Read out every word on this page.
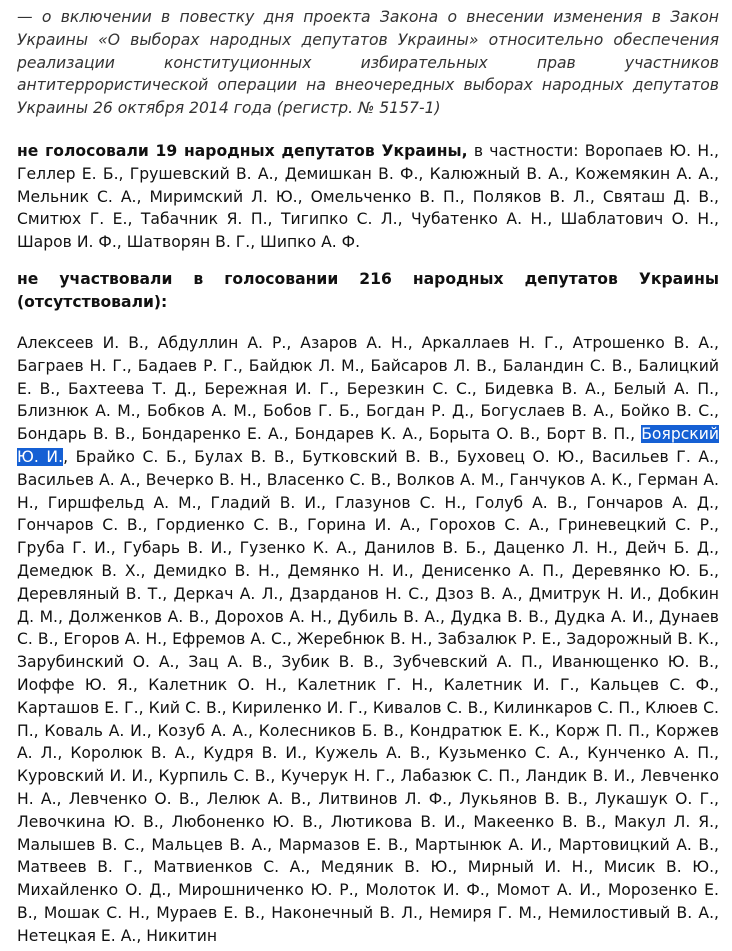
— о включении в повестку дня проекта Закона о внесении изменения в Закон Украины «О выборах народных депутатов Украины» относительно обеспечения реализации конституционных избирательных прав участников антитеррористической операции на внеочередных выборах народных депутатов Украины 26 октября 2014 года (регистр. № 5157-1)

не голосовали 19 народных депутатов Украины, в частности: Воропаев Ю. Н., Геллер Е. Б., Грушевский В. А., Демишкан В. Ф., Калюжный В. А., Кожемякин А. А., Мельник С. А., Миримский Л. Ю., Омельченко В. П., Поляков В. Л., Святаш Д. В., Смитюх Г. Е., Табачник Я. П., Тигипко С. Л., Чубатенко А. Н., Шаблатович О. Н., Шаров И. Ф., Шатворян В. Г., Шипко А. Ф.

не участвовали в голосовании 216 народных депутатов Украины (отсутствовали):

Алексеев И. В., Абдуллин А. Р., Азаров А. Н., Аркаллаев Н. Г., Атрошенко В. А., Баграев Н. Г., Бадаев Р. Г., Байдюк Л. М., Байсаров Л. В., Баландин С. В., Балицкий Е. В., Бахтеева Т. Д., Бережная И. Г., Березкин С. С., Бидевка В. А., Белый А. П., Близнюк А. М., Бобков А. М., Бобов Г. Б., Богдан Р. Д., Богуслаев В. А., Бойко В. С., Бондарь В. В., Бондаренко Е. А., Бондарев К. А., Борыта О. В., Борт В. П., Боярский Ю. И., Брайко С. Б., Булах В. В., Бутковский В. В., Буховец О. Ю., Васильев Г. А., Васильев А. А., Вечерко В. Н., Власенко С. В., Волков А. М., Ганчуков А. К., Герман А. Н., Гиршфельд А. М., Гладий В. И., Глазунов С. Н., Голуб А. В., Гончаров А. Д., Гончаров С. В., Гордиенко С. В., Горина И. А., Горохов С. А., Гриневецкий С. Р., Груба Г. И., Губарь В. И., Гузенко К. А., Данилов В. Б., Даценко Л. Н., Дейч Б. Д., Демедюк В. Х., Демидко В. Н., Демянко Н. И., Денисенко А. П., Деревянко Ю. Б., Деревляный В. Т., Деркач А. Л., Дзарданов Н. С., Дзоз В. А., Дмитрук Н. И., Добкин Д. М., Долженков А. В., Дорохов А. Н., Дубиль В. А., Дудка В. В., Дудка А. И., Дунаев С. В., Егоров А. Н., Ефремов А. С., Жеребнюк В. Н., Забзалюк Р. Е., Задорожный В. К., Зарубинский О. А., Зац А. В., Зубик В. В., Зубчевский А. П., Иванющенко Ю. В., Иоффе Ю. Я., Калетник О. Н., Калетник Г. Н., Калетник И. Г., Кальцев С. Ф., Карташов Е. Г., Кий С. В., Кириленко И. Г., Кивалов С. В., Килинкаров С. П., Клюев С. П., Коваль А. И., Козуб А. А., Колесников Б. В., Кондратюк Е. К., Корж П. П., Коржев А. Л., Королюк В. А., Кудря В. И., Кужель А. В., Кузьменко С. А., Кунченко А. П., Куровский И. И., Курпиль С. В., Кучерук Н. Г., Лабазюк С. П., Ландик В. И., Левченко Н. А., Левченко О. В., Лелюк А. В., Литвинов Л. Ф., Лукьянов В. В., Лукашук О. Г., Левочкина Ю. В., Любоненко Ю. В., Лютикова В. И., Макеенко В. В., Макул Л. Я., Малышев В. С., Мальцев В. А., Мармазов Е. В., Мартынюк А. И., Мартовицкий А. В., Матвеев В. Г., Матвиенков С. А., Медяник В. Ю., Мирный И. Н., Мисик В. Ю., Михайленко О. Д., Мирошниченко Ю. Р., Молоток И. Ф., Момот А. И., Морозенко Е. В., Мошак С. Н., Мураев Е. В., Наконечный В. Л., Немиря Г. М., Немилостивый В. А., Нетецкая Е. А., Никитин
